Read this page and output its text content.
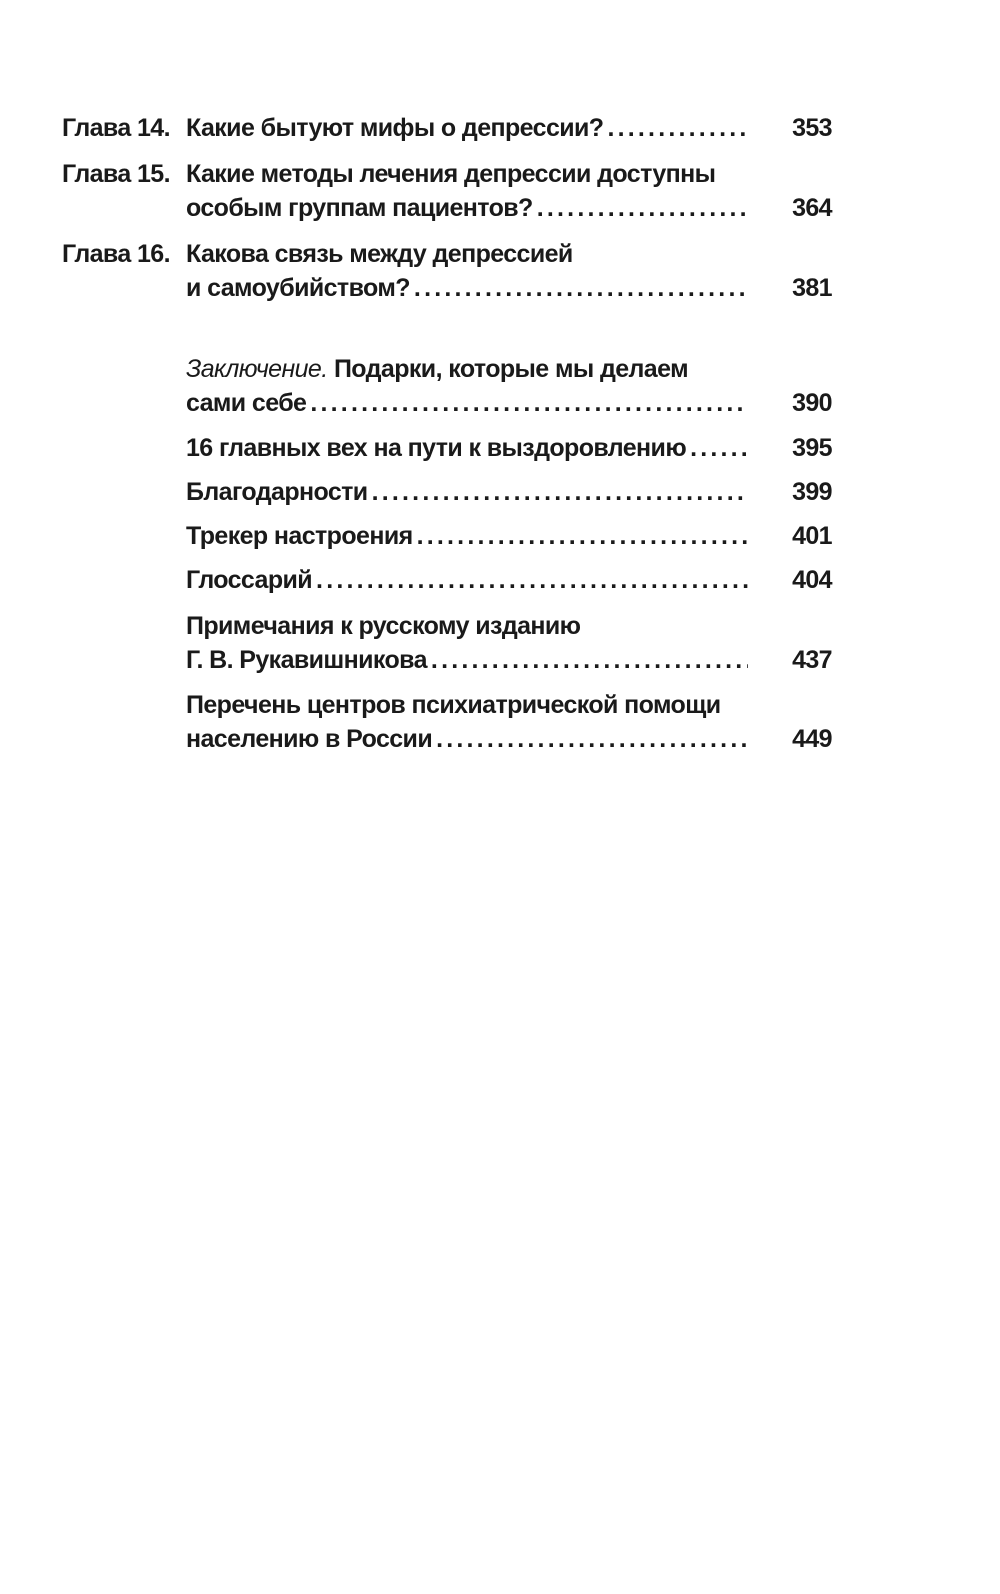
Глава 14. Какие бытуют мифы о депрессии? .....	353
Глава 15. Какие методы лечения депрессии доступны
особым группам пациентов? .....	364
Глава 16. Какова связь между депрессией
и самоубийством? .....	381
Заключение. Подарки, которые мы делаем
сами себе .....	390
16 главных вех на пути к выздоровлению .....	395
Благодарности .....	399
Трекер настроения .....	401
Глоссарий .....	404
Примечания к русскому изданию
Г. В. Рукавишникова .....	437
Перечень центров психиатрической помощи
населению в России .....	449
